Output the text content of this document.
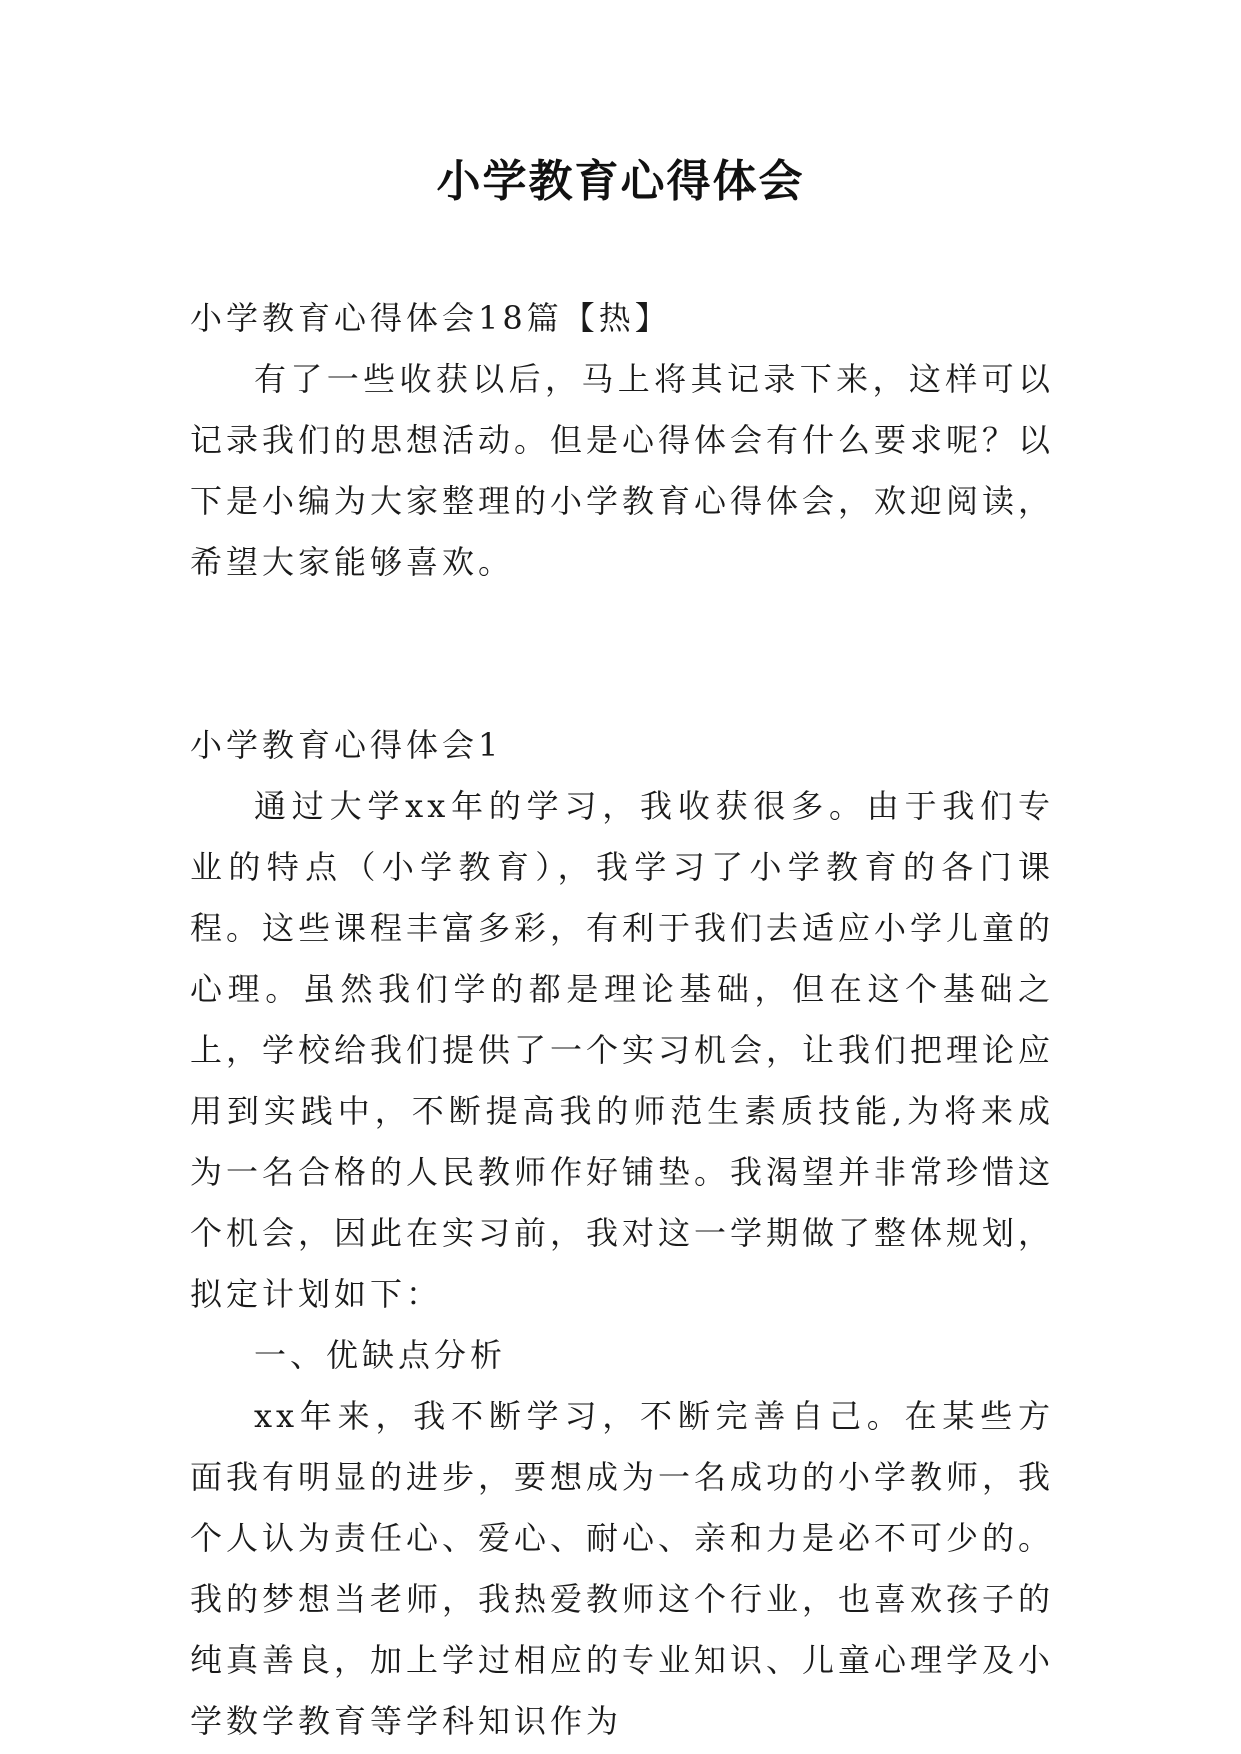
小学教育心得体会

小学教育心得体会18篇【热】

有了一些收获以后，马上将其记录下来，这样可以记录我们的思想活动。但是心得体会有什么要求呢？以下是小编为大家整理的小学教育心得体会，欢迎阅读，希望大家能够喜欢。

小学教育心得体会1

通过大学xx年的学习，我收获很多。由于我们专业的特点（小学教育），我学习了小学教育的各门课程。这些课程丰富多彩，有利于我们去适应小学儿童的心理。虽然我们学的都是理论基础，但在这个基础之上，学校给我们提供了一个实习机会，让我们把理论应用到实践中，不断提高我的师范生素质技能,为将来成为一名合格的人民教师作好铺垫。我渴望并非常珍惜这个机会，因此在实习前，我对这一学期做了整体规划，拟定计划如下：

一、优缺点分析

xx年来，我不断学习，不断完善自己。在某些方面我有明显的进步，要想成为一名成功的小学教师，我个人认为责任心、爱心、耐心、亲和力是必不可少的。我的梦想当老师，我热爱教师这个行业，也喜欢孩子的纯真善良，加上学过相应的专业知识、儿童心理学及小学数学教育等学科知识作为
